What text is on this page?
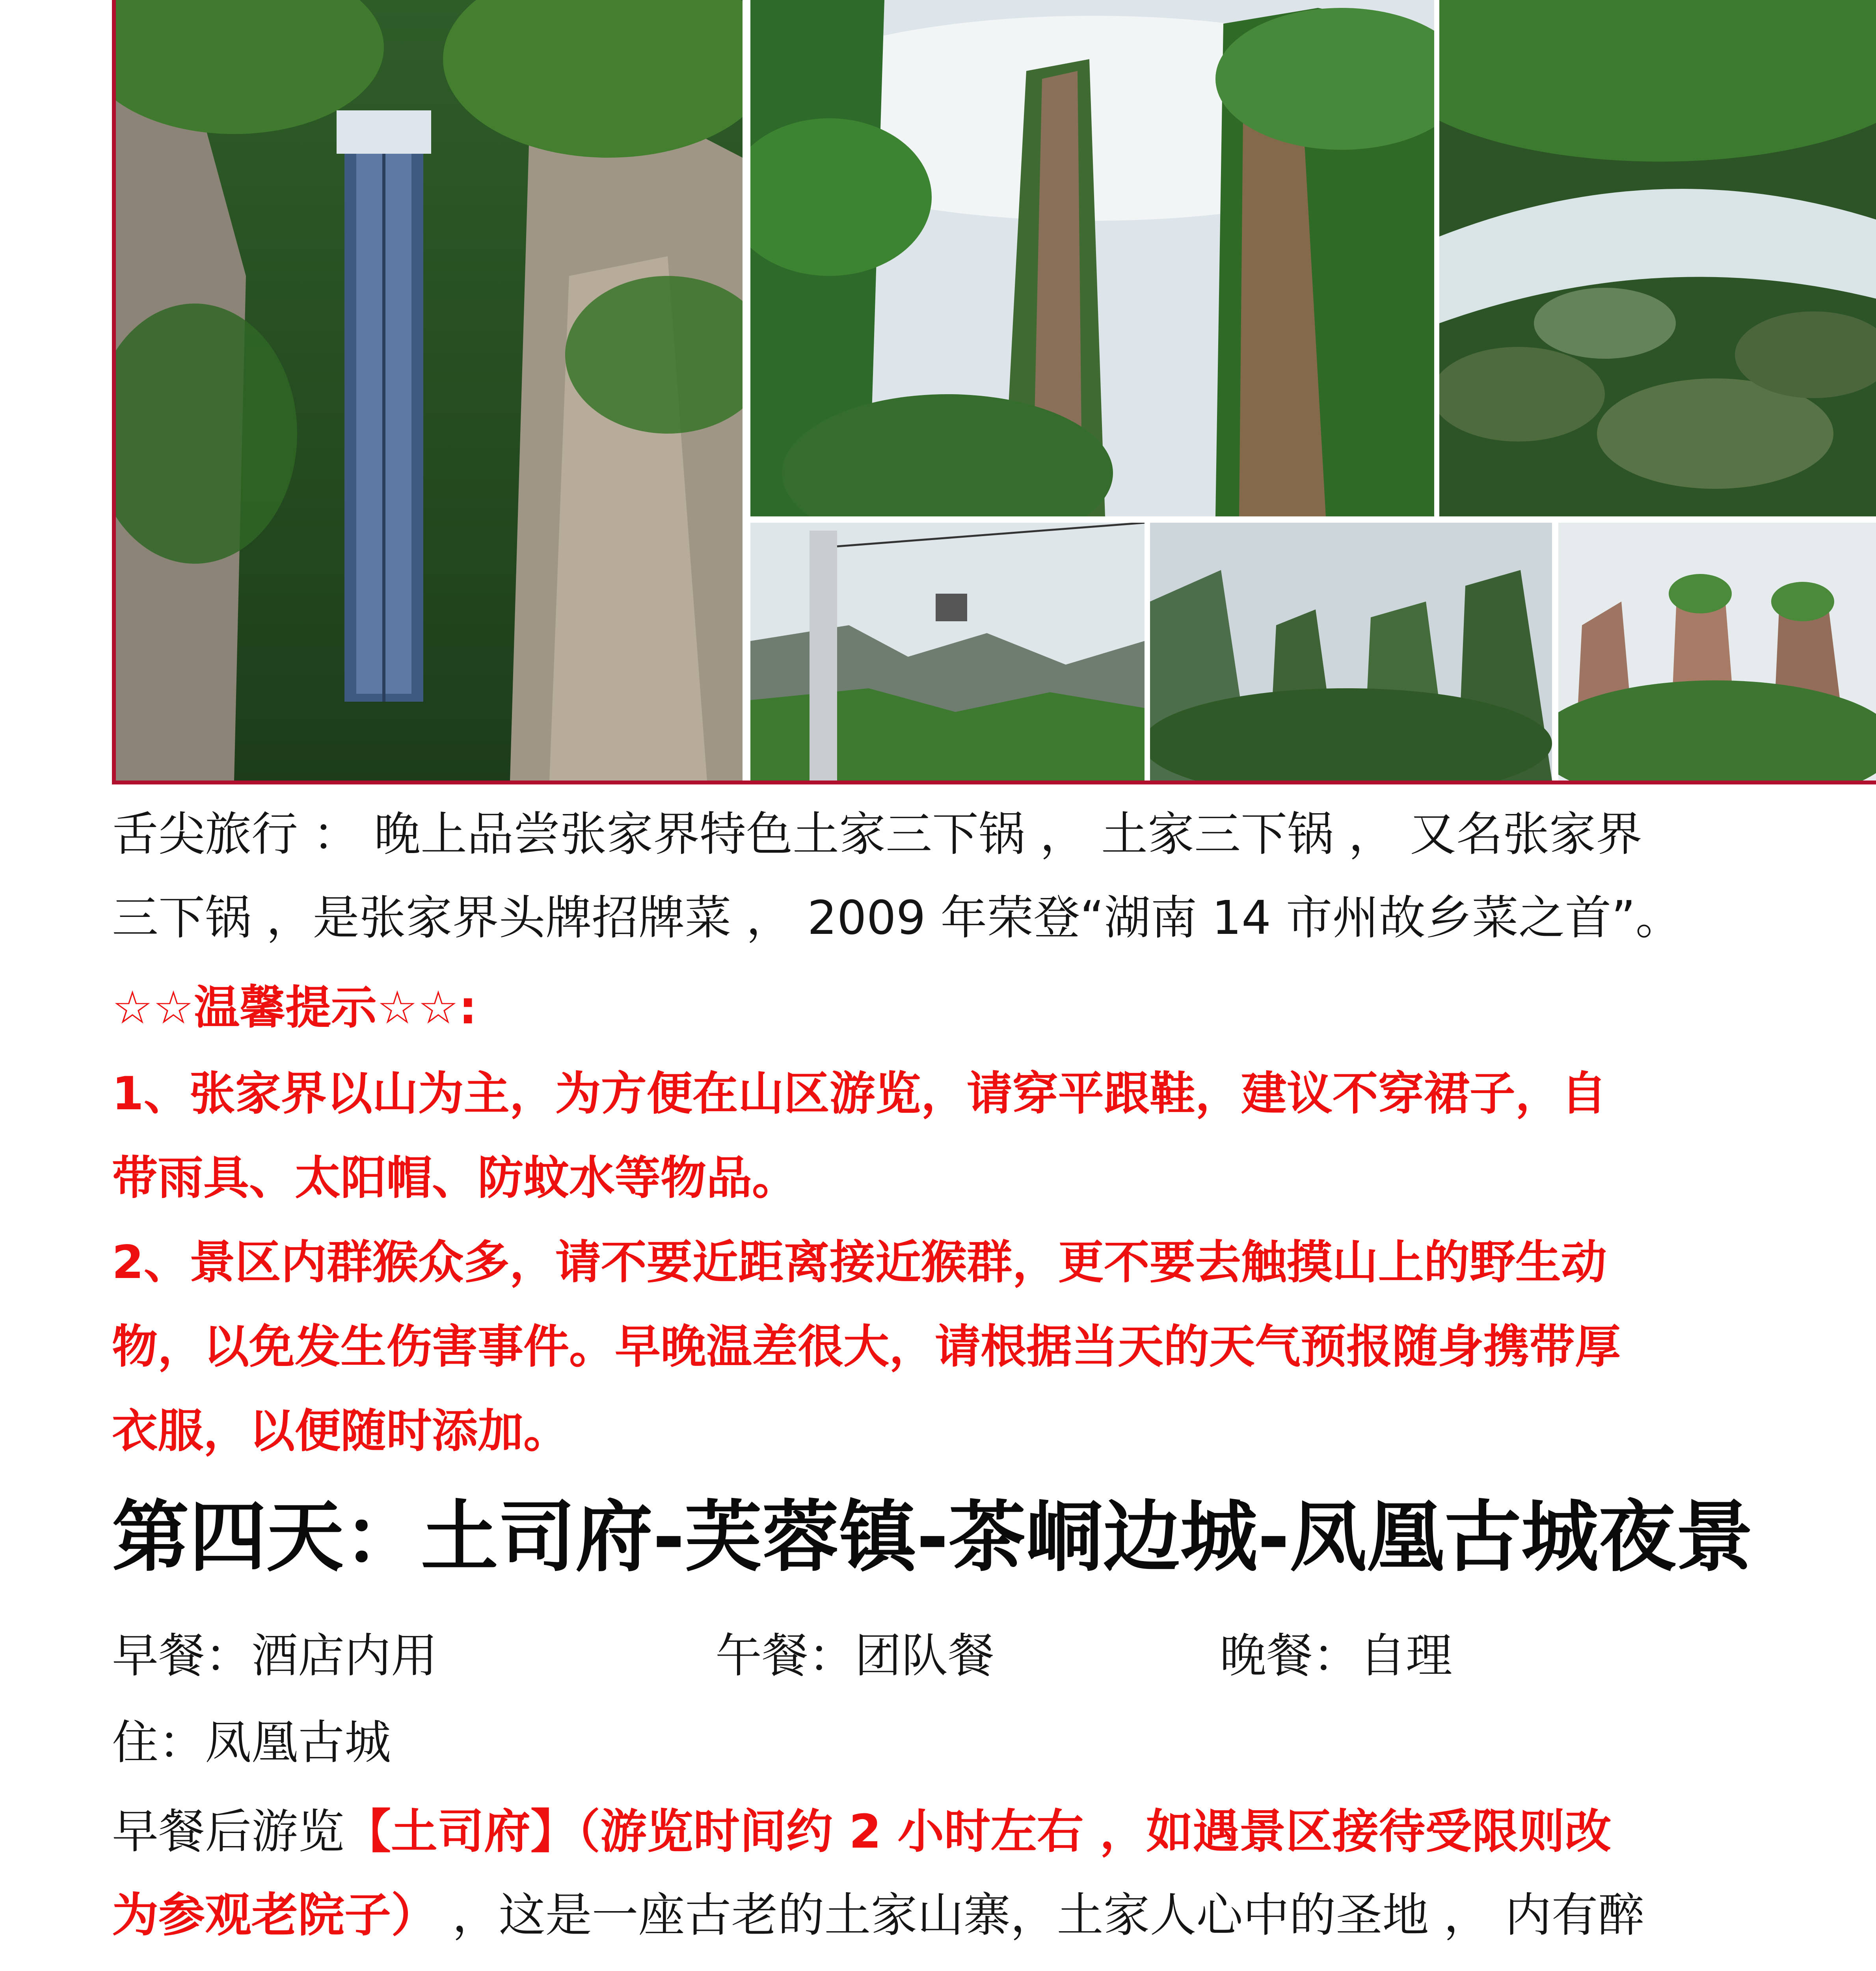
舌尖旅行 ： 晚上品尝张家界特色土家三下锅 ， 土家三下锅 ， 又名张家界
三下锅 ，是张家界头牌招牌菜 ， 2009 年荣登“湖南 14 市州故乡菜之首”。
☆☆温馨提示☆☆:
1、张家界以山为主，为方便在山区游览，请穿平跟鞋，建议不穿裙子，自
带雨具、太阳帽、防蚊水等物品。
2、景区内群猴众多，请不要近距离接近猴群，更不要去触摸山上的野生动
物，以免发生伤害事件。早晚温差很大，请根据当天的天气预报随身携带厚
衣服，以便随时添加。
第四天：土司府-芙蓉镇-茶峒边城-凤凰古城夜景
早餐：酒店内用	午餐：团队餐	晚餐：自理
住：凤凰古城
早餐后游览【土司府】（游览时间约 2 小时左右 ，如遇景区接待受限则改
为参观老院子） ，这是一座古老的土家山寨，土家人心中的圣地 ， 内有醉
